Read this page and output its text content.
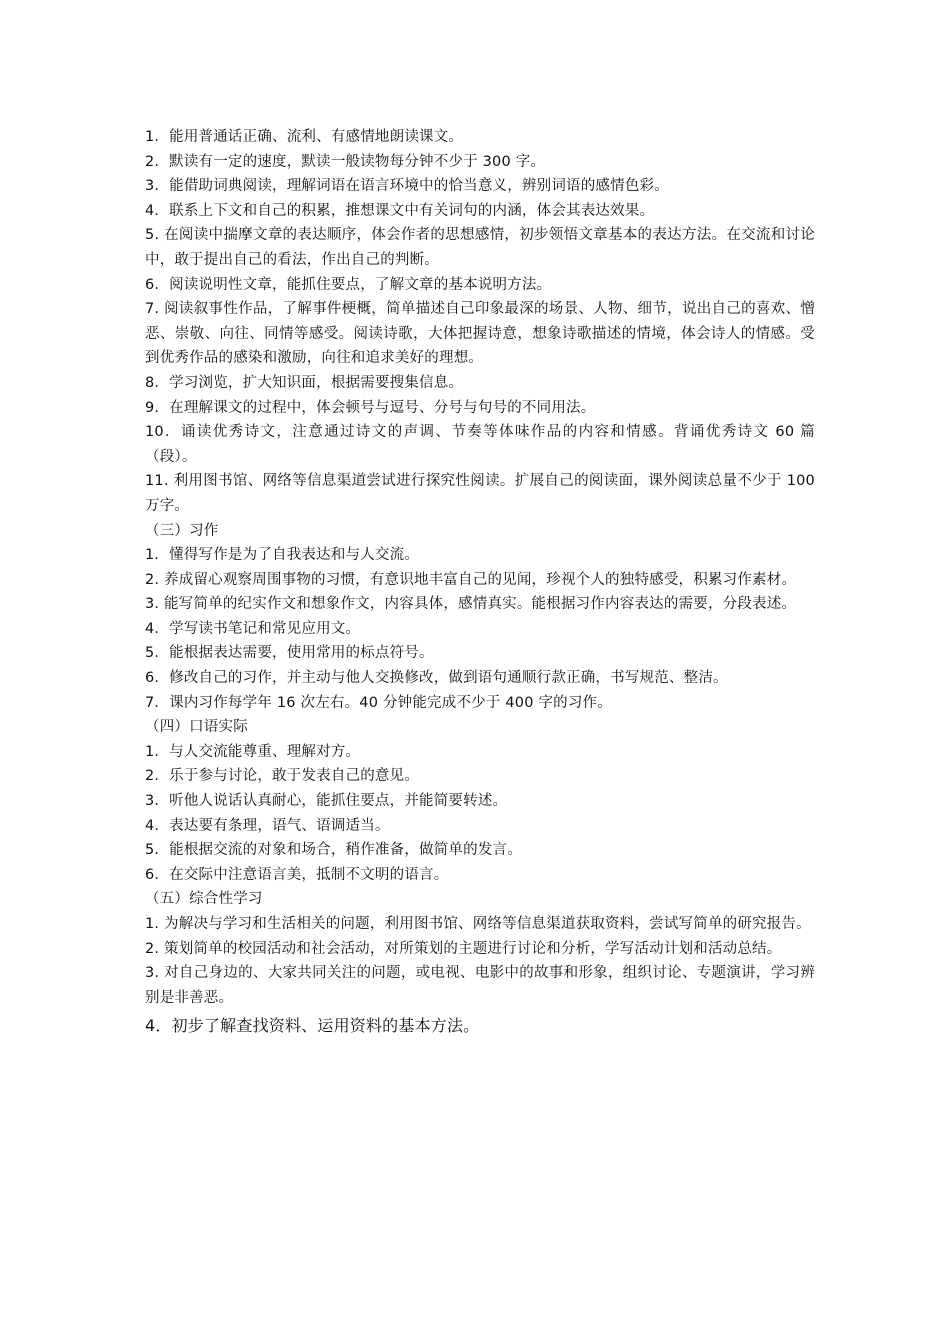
1．能用普通话正确、流利、有感情地朗读课文。

2．默读有一定的速度，默读一般读物每分钟不少于 300 字。

3．能借助词典阅读，理解词语在语言环境中的恰当意义，辨别词语的感情色彩。

4．联系上下文和自己的积累，推想课文中有关词句的内涵，体会其表达效果。

5. 在阅读中揣摩文章的表达顺序，体会作者的思想感情，初步领悟文章基本的表达方法。在交流和讨论中，敢于提出自己的看法，作出自己的判断。

6．阅读说明性文章，能抓住要点，了解文章的基本说明方法。

7. 阅读叙事性作品，了解事件梗概，简单描述自己印象最深的场景、人物、细节，说出自己的喜欢、憎恶、崇敬、向往、同情等感受。阅读诗歌，大体把握诗意，想象诗歌描述的情境，体会诗人的情感。受到优秀作品的感染和激励，向往和追求美好的理想。

8．学习浏览，扩大知识面，根据需要搜集信息。

9．在理解课文的过程中，体会顿号与逗号、分号与句号的不同用法。

10．诵读优秀诗文，注意通过诗文的声调、节奏等体味作品的内容和情感。背诵优秀诗文 60 篇（段）。

11. 利用图书馆、网络等信息渠道尝试进行探究性阅读。扩展自己的阅读面，课外阅读总量不少于 100 万字。

（三）习作

1．懂得写作是为了自我表达和与人交流。

2. 养成留心观察周围事物的习惯，有意识地丰富自己的见闻，珍视个人的独特感受，积累习作素材。

3. 能写简单的纪实作文和想象作文，内容具体，感情真实。能根据习作内容表达的需要，分段表述。

4．学写读书笔记和常见应用文。

5．能根据表达需要，使用常用的标点符号。

6．修改自己的习作，并主动与他人交换修改，做到语句通顺行款正确，书写规范、整洁。

7．课内习作每学年 16 次左右。40 分钟能完成不少于 400 字的习作。

（四）口语实际

1．与人交流能尊重、理解对方。

2．乐于参与讨论，敢于发表自己的意见。

3．听他人说话认真耐心，能抓住要点，并能简要转述。

4．表达要有条理，语气、语调适当。

5．能根据交流的对象和场合，稍作准备，做简单的发言。

6．在交际中注意语言美，抵制不文明的语言。

（五）综合性学习

1. 为解决与学习和生活相关的问题，利用图书馆、网络等信息渠道获取资料，尝试写简单的研究报告。

2. 策划简单的校园活动和社会活动，对所策划的主题进行讨论和分析，学写活动计划和活动总结。

3. 对自己身边的、大家共同关注的问题，或电视、电影中的故事和形象，组织讨论、专题演讲，学习辨别是非善恶。

4．初步了解查找资料、运用资料的基本方法。
